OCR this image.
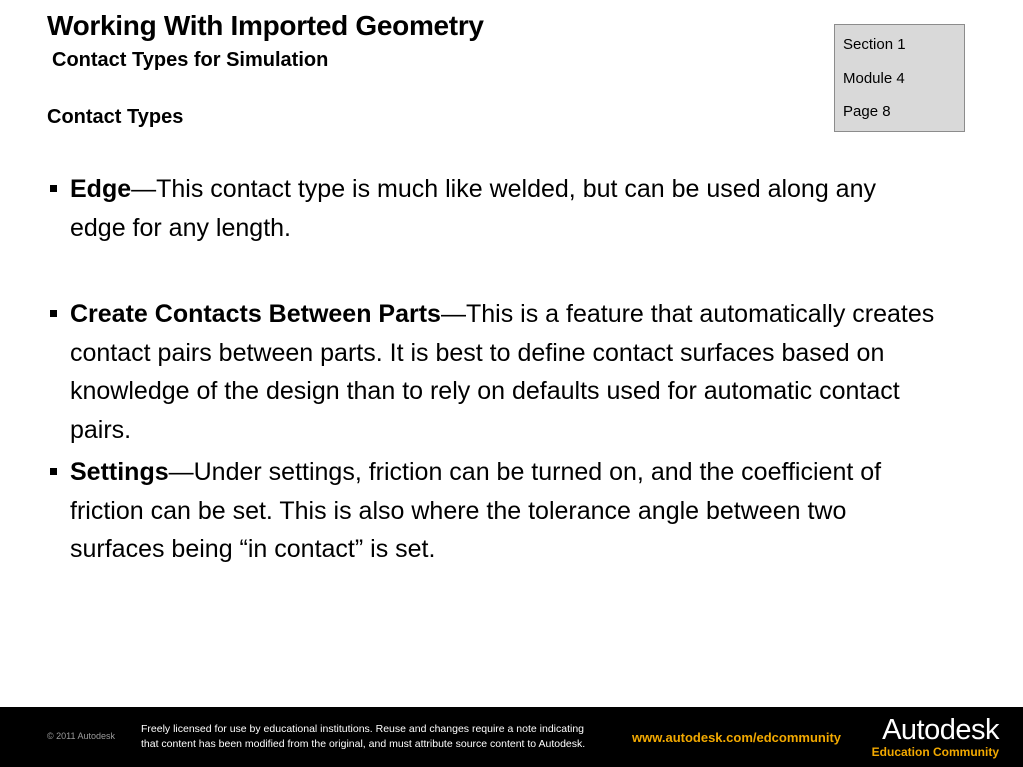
Working With Imported Geometry
Contact Types for Simulation
Contact Types
Section 1
Module 4
Page 8
Edge—This contact type is much like welded, but can be used along any edge for any length.
Create Contacts Between Parts—This is a feature that automatically creates contact pairs between parts. It is best to define contact surfaces based on knowledge of the design than to rely on defaults used for automatic contact pairs.
Settings—Under settings, friction can be turned on, and the coefficient of friction can be set. This is also where the tolerance angle between two surfaces being “in contact” is set.
© 2011 Autodesk
Freely licensed for use by educational institutions. Reuse and changes require a note indicating
that content has been modified from the original, and must attribute source content to Autodesk.	www.autodesk.com/edcommunity	Autodesk
Education Community
